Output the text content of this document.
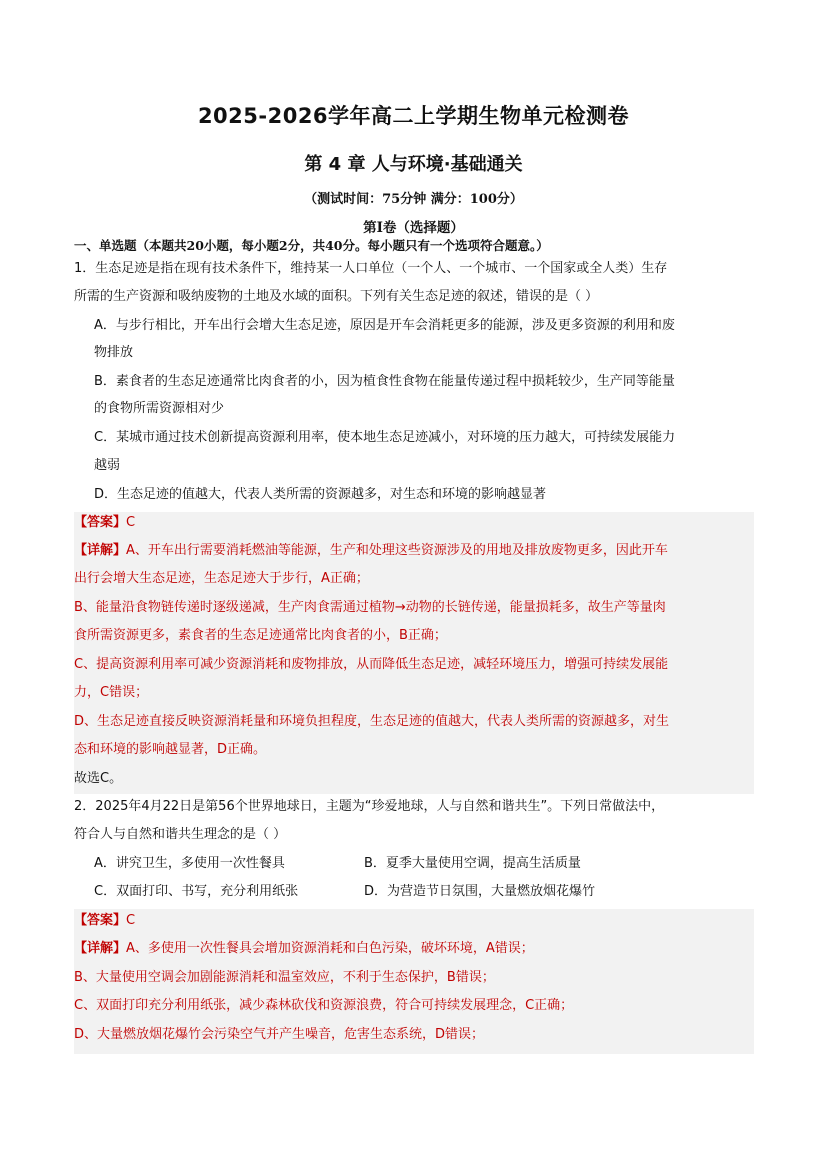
2025-2026学年高二上学期生物单元检测卷
第 4 章 人与环境·基础通关
（测试时间：75分钟 满分：100分）
第Ⅰ卷（选择题）
一、单选题（本题共20小题，每小题2分，共40分。每小题只有一个选项符合题意。）
1．生态足迹是指在现有技术条件下，维持某一人口单位（一个人、一个城市、一个国家或全人类）生存
所需的生产资源和吸纳废物的土地及水域的面积。下列有关生态足迹的叙述，错误的是（ ）
A．与步行相比，开车出行会增大生态足迹，原因是开车会消耗更多的能源，涉及更多资源的利用和废
物排放
B．素食者的生态足迹通常比肉食者的小，因为植食性食物在能量传递过程中损耗较少，生产同等能量
的食物所需资源相对少
C．某城市通过技术创新提高资源利用率，使本地生态足迹减小，对环境的压力越大，可持续发展能力
越弱
D．生态足迹的值越大，代表人类所需的资源越多，对生态和环境的影响越显著
【答案】C
【详解】A、开车出行需要消耗燃油等能源，生产和处理这些资源涉及的用地及排放废物更多，因此开车
出行会增大生态足迹，生态足迹大于步行，A正确；
B、能量沿食物链传递时逐级递减，生产肉食需通过植物→动物的长链传递，能量损耗多，故生产等量肉
食所需资源更多，素食者的生态足迹通常比肉食者的小，B正确；
C、提高资源利用率可减少资源消耗和废物排放，从而降低生态足迹，减轻环境压力，增强可持续发展能
力，C错误；
D、生态足迹直接反映资源消耗量和环境负担程度，生态足迹的值越大，代表人类所需的资源越多，对生
态和环境的影响越显著，D正确。
故选C。
2．2025年4月22日是第56个世界地球日，主题为“珍爱地球，人与自然和谐共生”。下列日常做法中，
符合人与自然和谐共生理念的是（ ）
A．讲究卫生，多使用一次性餐具	B．夏季大量使用空调，提高生活质量
C．双面打印、书写，充分利用纸张	D．为营造节日氛围，大量燃放烟花爆竹
【答案】C
【详解】A、多使用一次性餐具会增加资源消耗和白色污染，破坏环境，A错误；
B、大量使用空调会加剧能源消耗和温室效应，不利于生态保护，B错误；
C、双面打印充分利用纸张，减少森林砍伐和资源浪费，符合可持续发展理念，C正确；
D、大量燃放烟花爆竹会污染空气并产生噪音，危害生态系统，D错误；
